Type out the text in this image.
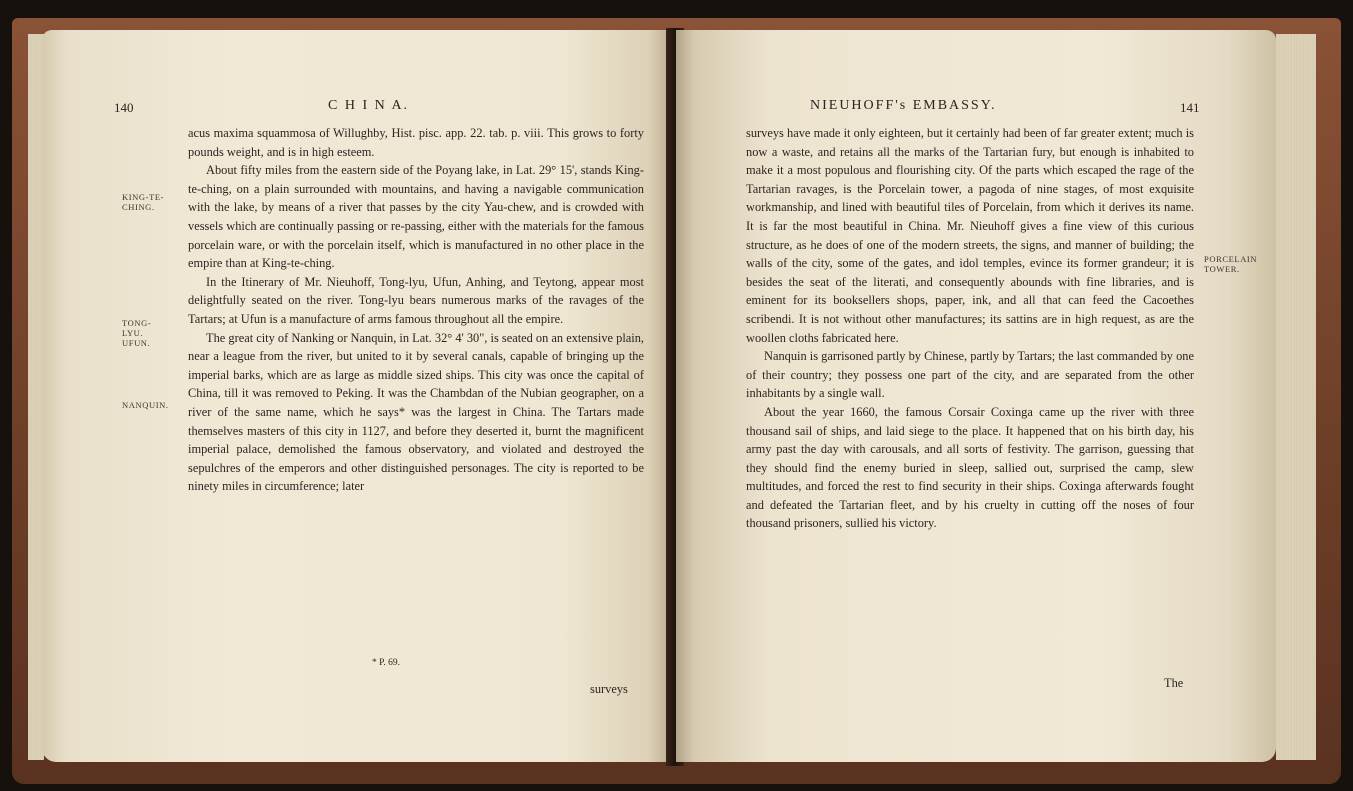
140	C H I N A.
KING-TE-CHING.
TONG-LYU. UFUN.
NANQUIN.

acus maxima squammosa of Willughby, Hist. pisc. app. 22. tab. p. viii. This grows to forty pounds weight, and is in high esteem.

About fifty miles from the eastern side of the Poyang lake, in Lat. 29° 15', stands King-te-ching, on a plain surrounded with mountains, and having a navigable communication with the lake, by means of a river that passes by the city Yau-chew, and is crowded with vessels which are continually passing or re-passing, either with the materials for the famous porcelain ware, or with the porcelain itself, which is manufactured in no other place in the empire than at King-te-ching.

In the Itinerary of Mr. Nieuhoff, Tong-lyu, Ufun, Anhing, and Teytong, appear most delightfully seated on the river. Tong-lyu bears numerous marks of the ravages of the Tartars; at Ufun is a manufacture of arms famous throughout all the empire.

The great city of Nanking or Nanquin, in Lat. 32° 4' 30", is seated on an extensive plain, near a league from the river, but united to it by several canals, capable of bringing up the imperial barks, which are as large as middle sized ships. This city was once the capital of China, till it was removed to Peking. It was the Chambdan of the Nubian geographer, on a river of the same name, which he says* was the largest in China. The Tartars made themselves masters of this city in 1127, and before they deserted it, burnt the magnificent imperial palace, demolished the famous observatory, and violated and destroyed the sepulchres of the emperors and other distinguished personages. The city is reported to be ninety miles in circumference; later

* P. 69.
surveys
NIEUHOFF's EMBASSY.	141

surveys have made it only eighteen, but it certainly had been of far greater extent; much is now a waste, and retains all the marks of the Tartarian fury, but enough is inhabited to make it a most populous and flourishing city. Of the parts which escaped the rage of the Tartarian ravages, is the Porcelain tower, a pagoda of nine stages, of most exquisite workmanship, and lined with beautiful tiles of Porcelain, from which it derives its name. It is far the most beautiful in China. Mr. Nieuhoff gives a fine view of this curious structure, as he does of one of the modern streets, the signs, and manner of building; the walls of the city, some of the gates, and idol temples, evince its former grandeur; it is besides the seat of the literati, and consequently abounds with fine libraries, and is eminent for its booksellers shops, paper, ink, and all that can feed the Cacoethes scribendi. It is not without other manufactures; its sattins are in high request, as are the woollen cloths fabricated here.

Nanquin is garrisoned partly by Chinese, partly by Tartars; the last commanded by one of their country; they possess one part of the city, and are separated from the other inhabitants by a single wall.

About the year 1660, the famous Corsair Coxinga came up the river with three thousand sail of ships, and laid siege to the place. It happened that on his birth day, his army past the day with carousals, and all sorts of festivity. The garrison, guessing that they should find the enemy buried in sleep, sallied out, surprised the camp, slew multitudes, and forced the rest to find security in their ships. Coxinga afterwards fought and defeated the Tartarian fleet, and by his cruelty in cutting off the noses of four thousand prisoners, sullied his victory.

PORCELAIN TOWER.
The
